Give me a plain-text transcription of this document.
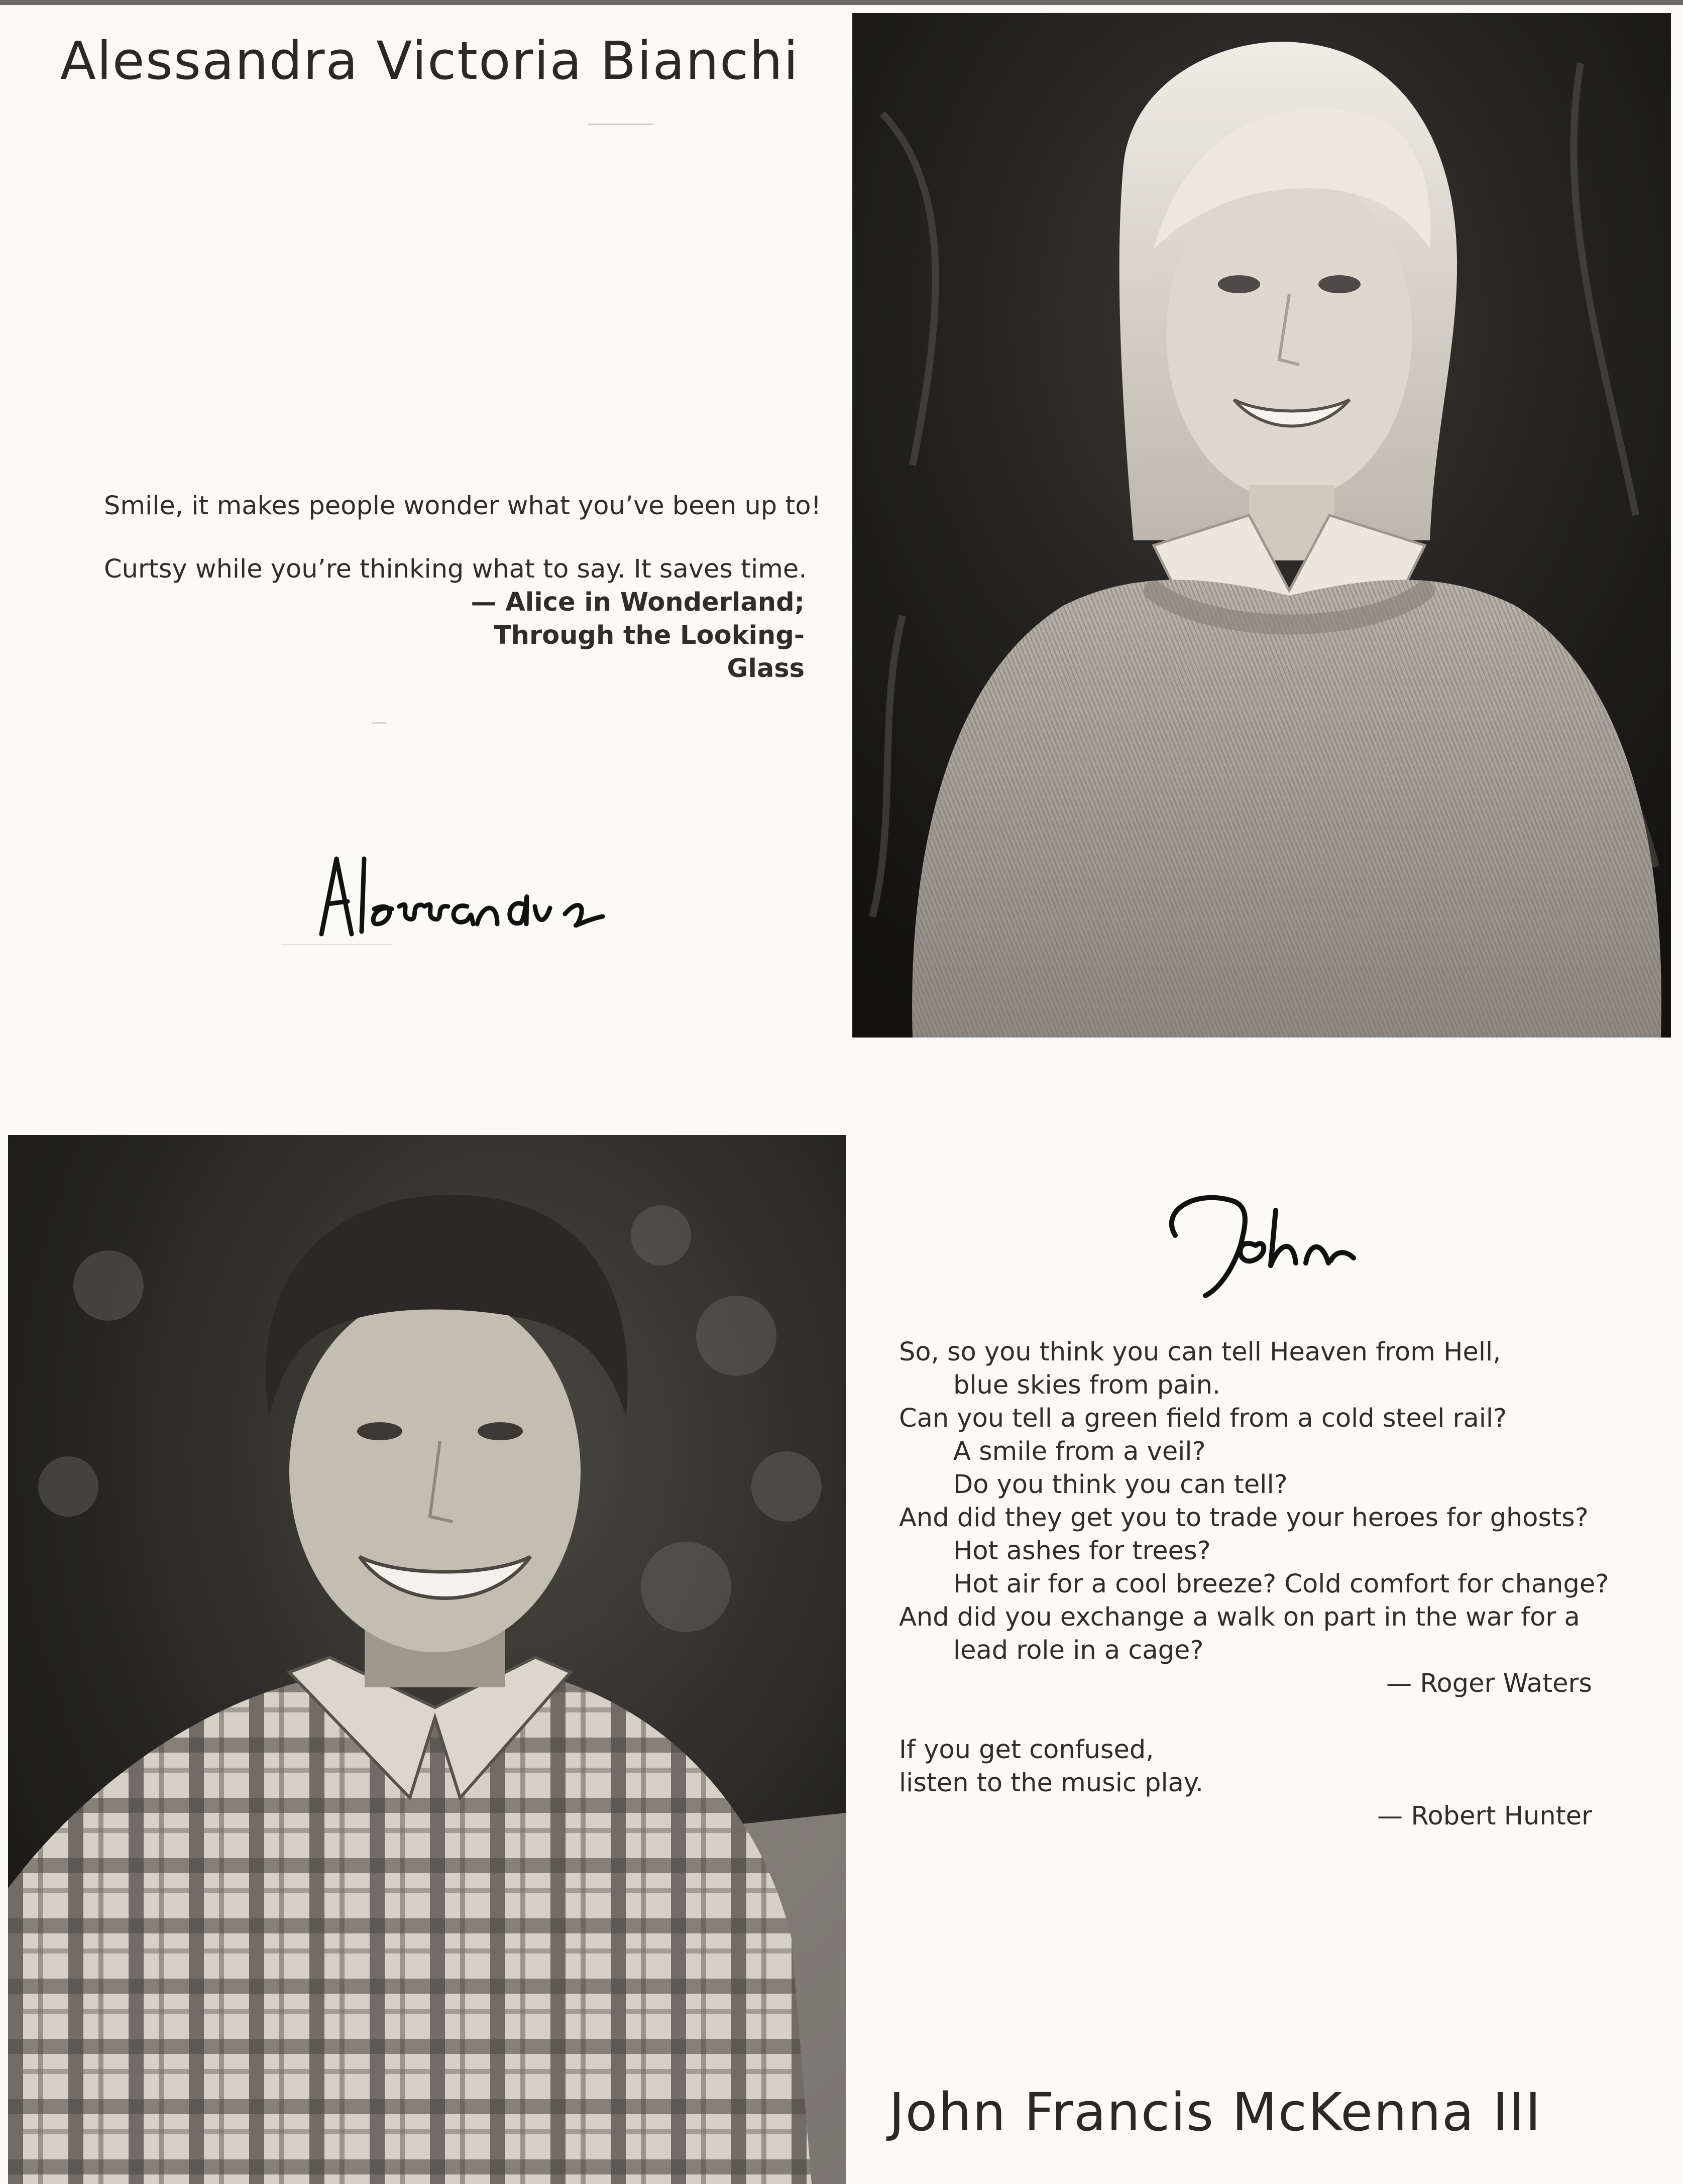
Alessandra Victoria Bianchi
Smile, it makes people wonder what you’ve been up to!
Curtsy while you’re thinking what to say. It saves time.
— Alice in Wonderland;
Through the Looking-
Glass
So, so you think you can tell Heaven from Hell,
blue skies from pain.
Can you tell a green field from a cold steel rail?
A smile from a veil?
Do you think you can tell?
And did they get you to trade your heroes for ghosts?
Hot ashes for trees?
Hot air for a cool breeze? Cold comfort for change?
And did you exchange a walk on part in the war for a
lead role in a cage?
— Roger Waters
If you get confused,
listen to the music play.
— Robert Hunter
John Francis McKenna III
